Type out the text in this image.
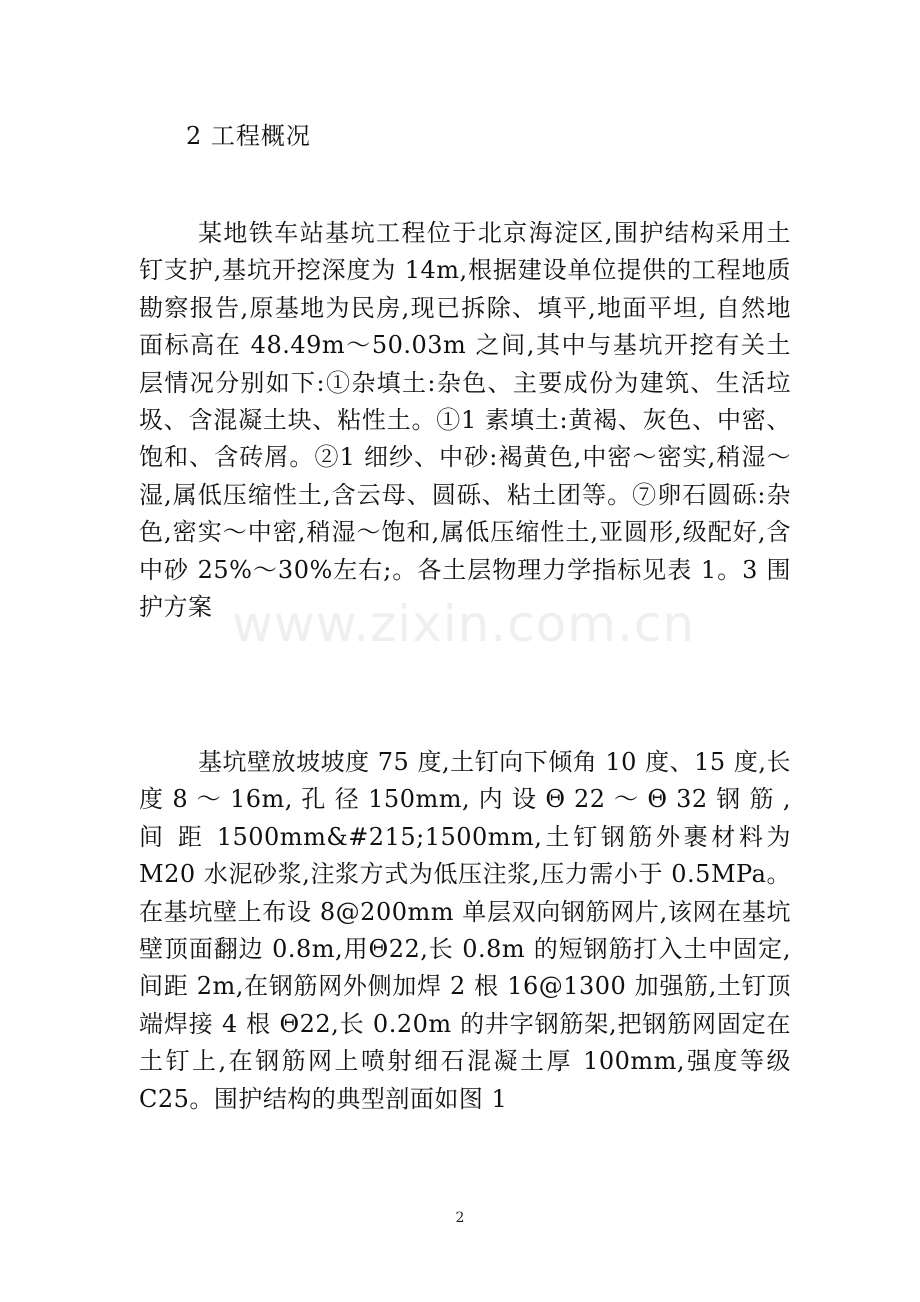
2 工程概况

某地铁车站基坑工程位于北京海淀区,围护结构采用土钉支护,基坑开挖深度为 14m,根据建设单位提供的工程地质勘察报告,原基地为民房,现已拆除、填平,地面平坦, 自然地面标高在 48.49m～50.03m 之间,其中与基坑开挖有关土层情况分别如下:①杂填土:杂色、主要成份为建筑、生活垃圾、含混凝土块、粘性土。①1 素填土:黄褐、灰色、中密、饱和、含砖屑。②1 细纱、中砂:褐黄色,中密～密实,稍湿～湿,属低压缩性土,含云母、圆砾、粘土团等。⑦卵石圆砾:杂色,密实～中密,稍湿～饱和,属低压缩性土,亚圆形,级配好,含中砂 25%～30%左右;。各土层物理力学指标见表 1。3 围护方案 www.zixin.com.cn

基坑壁放坡坡度 75 度,土钉向下倾角 10 度、15 度,长度 8 ～ 16m, 孔 径 150mm, 内 设 Θ 22 ～ Θ 32 钢 筋 , 间 距 1500mm&#215;1500mm,土钉钢筋外裹材料为 M20 水泥砂浆,注浆方式为低压注浆,压力需小于 0.5MPa。在基坑壁上布设 8@200mm 单层双向钢筋网片,该网在基坑壁顶面翻边 0.8m,用Θ22,长 0.8m 的短钢筋打入土中固定,间距 2m,在钢筋网外侧加焊 2 根 16@1300 加强筋,土钉顶端焊接 4 根 Θ22,长 0.20m 的井字钢筋架,把钢筋网固定在土钉上,在钢筋网上喷射细石混凝土厚 100mm,强度等级 C25。围护结构的典型剖面如图 1

2
